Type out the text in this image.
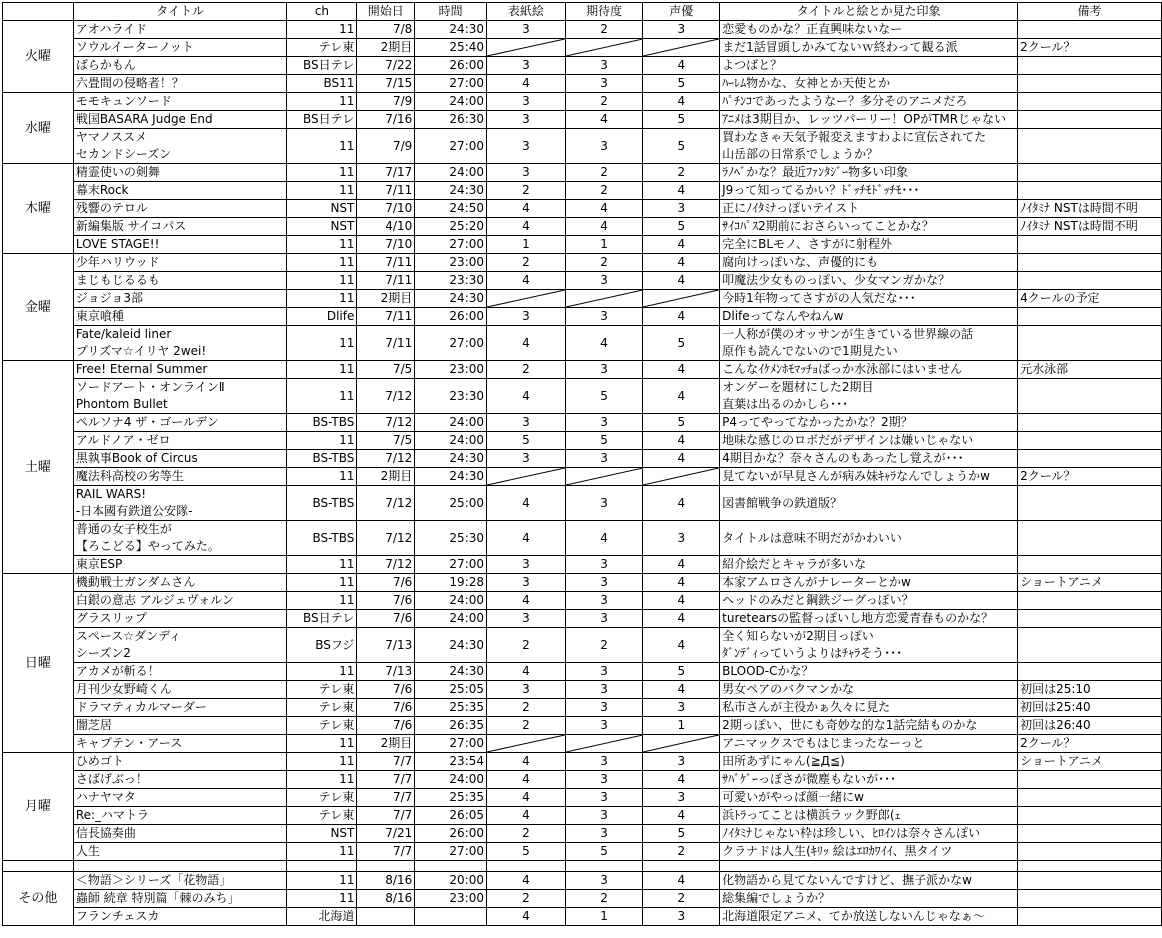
	タイトル	ch	開始日	時間	表紙絵	期待度	声優	タイトルと絵とか見た印象	備考
火曜	アオハライド	11	7/8	24:30	3	2	3	恋愛ものかな？正直興味ないなー	

	ソウルイーターノット	テレ東	2期目	25:40				まだ1話冒頭しかみてないｗ終わって観る派	2クール？

	ばらかもん	BS日テレ	7/22	26:00	3	3	4	よつばと？	

	六畳間の侵略者！？	BS11	7/15	27:00	4	3	5	ﾊｰﾚﾑ物かな、女神とか天使とか	

水曜	モモキュンソード	11	7/9	24:00	3	2	4	ﾊﾟﾁﾝｺであったようなー？多分そのアニメだろ	

	戦国BASARA Judge End	BS日テレ	7/16	26:30	3	4	5	ｱﾆﾒは3期目か、レッツパーリー！OPがTMRじゃない	

	ヤマノススメ
セカンドシーズン	11	7/9	27:00	3	3	5	買わなきゃ天気予報変えますわよに宣伝されてた
山岳部の日常系でしょうか？	

木曜	精霊使いの剣舞	11	7/17	24:00	3	2	2	ﾗﾉﾍﾞかな？最近ﾌｧﾝﾀｼﾞｰ物多い印象	

	幕末Rock	11	7/11	24:30	2	2	4	J9って知ってるかい？ﾄﾞｯﾁﾓﾄﾞｯﾁﾓ･･･	

	残響のテロル	NST	7/10	24:50	4	4	3	正にﾉｲﾀﾐﾅっぽいテイスト	ﾉｲﾀﾐﾅ NSTは時間不明

	新編集版 サイコパス	NST	4/10	25:20	4	4	5	ｻｲｺﾊﾟｽ2期前におさらいってことかな？	ﾉｲﾀﾐﾅ NSTは時間不明

	LOVE STAGE!!	11	7/10	27:00	1	1	4	完全にBLモノ、さすがに射程外	

金曜	少年ハリウッド	11	7/11	23:00	2	2	4	腐向けっぽいな、声優的にも	

	まじもじるるも	11	7/11	23:30	4	3	4	叩魔法少女ものっぽい、少女マンガかな？	

	ジョジョ3部	11	2期目	24:30				今時1年物ってさすがの人気だな･･･	4クールの予定

	東京喰種	Dlife	7/11	26:00	3	3	4	Dlifeってなんやねんw	

	Fate/kaleid liner
プリズマ☆イリヤ 2wei!	11	7/11	27:00	4	4	5	一人称が僕のオッサンが生きている世界線の話
原作も読んでないので1期見たい	

土曜	Free! Eternal Summer	11	7/5	23:00	2	3	4	こんなｲｹﾒﾝﾎﾓﾏｯﾁｮばっか水泳部にはいません	元水泳部

	ソードアート・オンラインⅡ
Phontom Bullet	11	7/12	23:30	4	5	4	オンゲーを題材にした2期目
直葉は出るのかしら･･･	

	ペルソナ4 ザ・ゴールデン	BS-TBS	7/12	24:00	3	3	5	P4ってやってなかったかな？2期？	

	アルドノア・ゼロ	11	7/5	24:00	5	5	4	地味な感じのロボだがデザインは嫌いじゃない	

	黒執事Book of Circus	BS-TBS	7/12	24:30	3	3	4	4期目かな？奈々さんのもあったし覚えが･･･	

	魔法科高校の劣等生	11	2期目	24:30				見てないが早見さんが病み妹ｷｬﾗなんでしょうかw	2クール？

	RAIL WARS!
-日本國有鉄道公安隊-	BS-TBS	7/12	25:00	4	3	4	図書館戦争の鉄道版？	

	普通の女子校生が
【ろこどる】やってみた。	BS-TBS	7/12	25:30	4	4	3	タイトルは意味不明だがかわいい	

	東京ESP	11	7/12	27:00	3	3	4	紹介絵だとキャラが多いな	

日曜	機動戦士ガンダムさん	11	7/6	19:28	3	3	4	本家アムロさんがナレーターとかw	ショートアニメ

	白銀の意志 アルジェヴォルン	11	7/6	24:00	4	3	4	ヘッドのみだと鋼鉄ジーグっぽい？	

	グラスリップ	BS日テレ	7/6	24:00	3	3	4	turetearsの監督っぽいし地方恋愛青春ものかな？	

	スペース☆ダンディ
シーズン2	BSフジ	7/13	24:30	2	2	4	全く知らないが2期目っぽい
ﾀﾞﾝﾃﾞｨっていうよりはﾁｬﾗそう･･･	

	アカメが斬る！	11	7/13	24:30	4	3	5	BLOOD-Cかな？	

	月刊少女野崎くん	テレ東	7/6	25:05	3	3	4	男女ペアのバクマンかな	初回は25:10

	ドラマティカルマーダー	テレ東	7/6	25:35	2	3	3	私市さんが主役かぁ久々に見た	初回は25:40

	闇芝居	テレ東	7/6	26:35	2	3	1	2期っぽい、世にも奇妙な的な1話完結ものかな	初回は26:40

	キャプテン・アース	11	2期目	27:00				アニマックスでもはじまったなーっと	2クール？
月曜	ひめゴト	11	7/7	23:54	4	3	3	田所あずにゃん(≧Д≦)	ショートアニメ

	さばげぶっ！	11	7/7	24:00	4	3	4	ｻﾊﾞｹﾞｰっぽさが微塵もないが･･･	

	ハナヤマタ	テレ東	7/7	25:35	4	3	3	可愛いがやっぱ顔一緒にw	

	Re:_ハマトラ	テレ東	7/7	26:05	4	3	4	浜ﾄﾗってことは横浜ラック野郎(ｪ	

	信長協奏曲	NST	7/21	26:00	2	3	5	ﾉｲﾀﾐﾅじゃない枠は珍しい、ﾋﾛｲﾝは奈々さんぽい	

	人生	11	7/7	27:00	5	5	2	クラナドは人生(ｷﾘｯ 絵はｴﾛｶﾜｲｲ、黒タイツ	

その他	＜物語＞シリーズ「花物語」	11	8/16	20:00	4	3	4	化物語から見てないんですけど、撫子派かなw	

	蟲師 続章 特別篇「棘のみち」	11	8/16	23:00	2	2	2	総集編でしょうか？	

	フランチェスカ	北海道			4	1	3	北海道限定アニメ、てか放送しないんじゃなぁ～	
